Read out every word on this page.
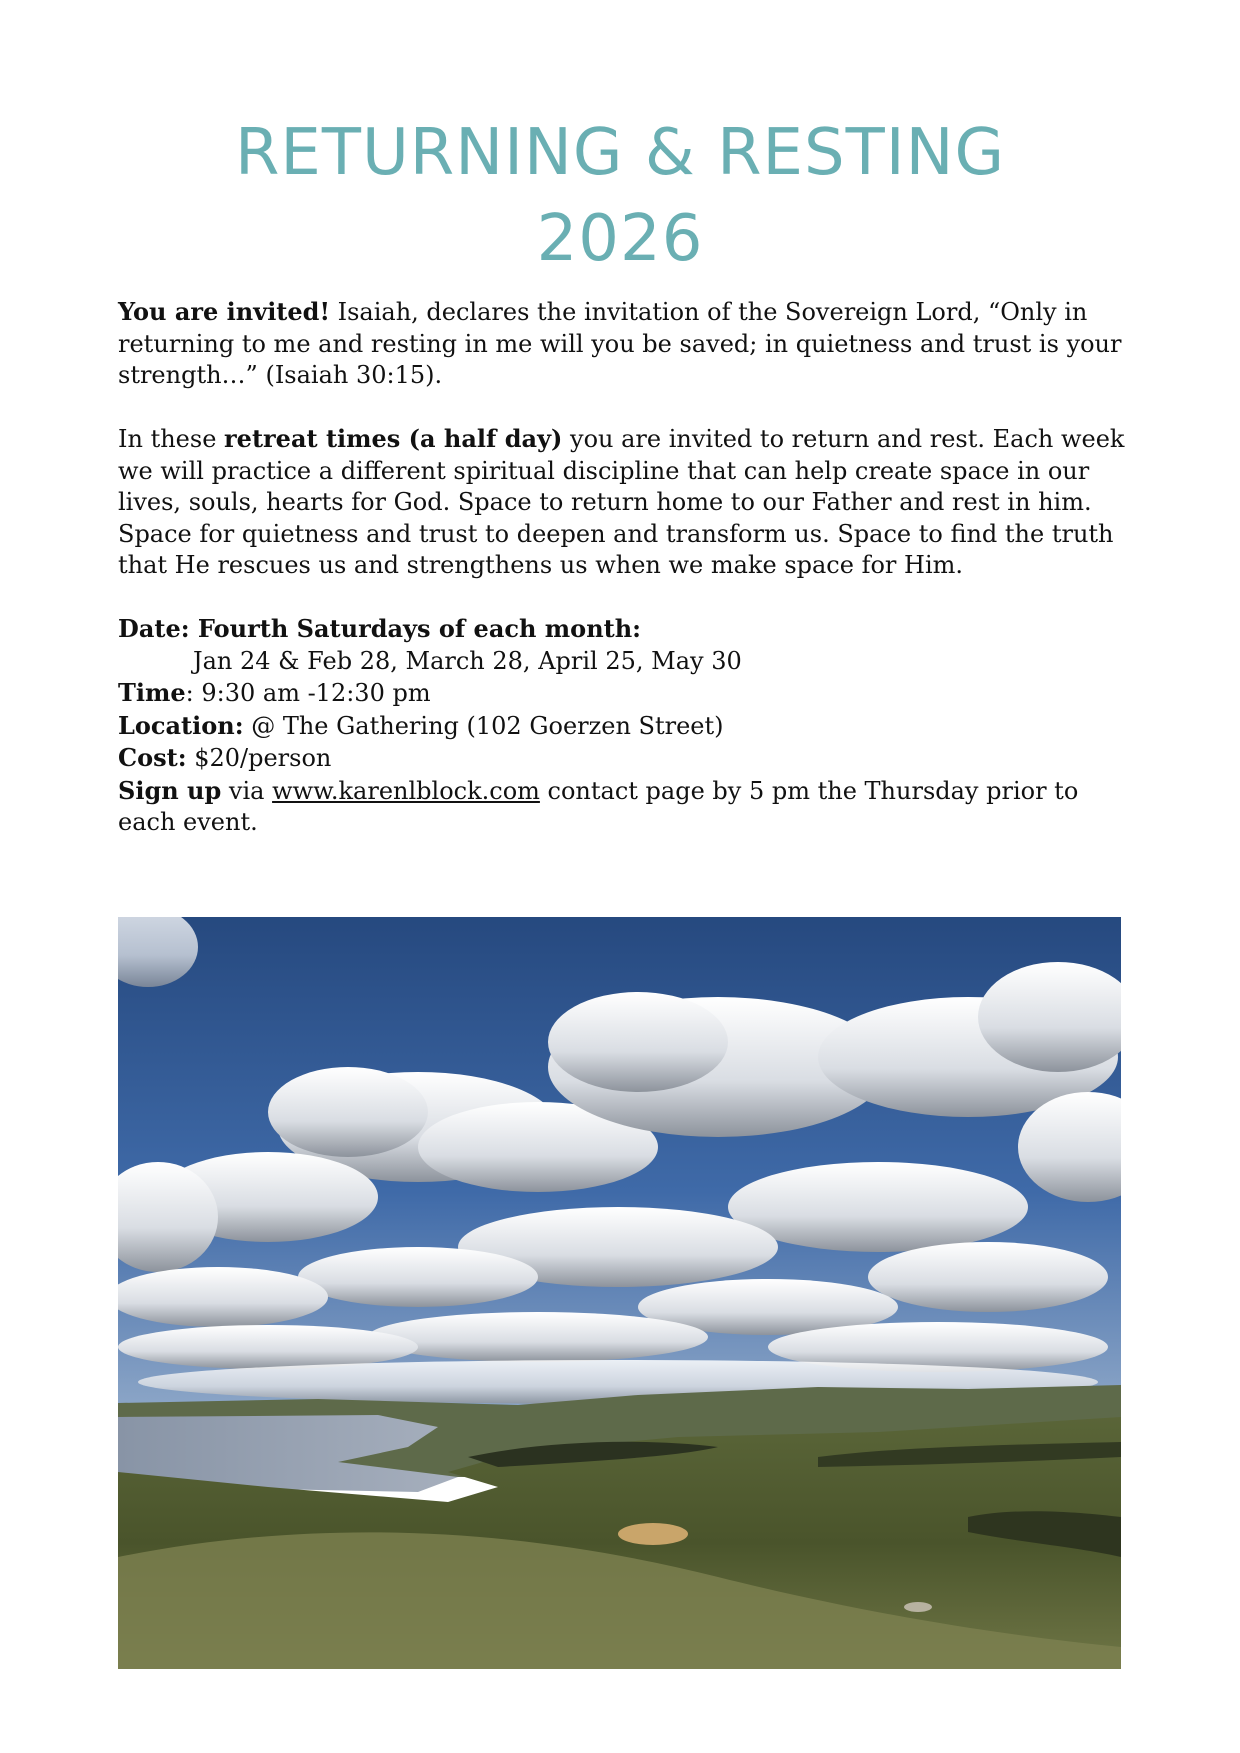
RETURNING & RESTING
2026

You are invited! Isaiah, declares the invitation of the Sovereign Lord, “Only in returning to me and resting in me will you be saved; in quietness and trust is your strength…” (Isaiah 30:15).

In these retreat times (a half day) you are invited to return and rest. Each week we will practice a different spiritual discipline that can help create space in our lives, souls, hearts for God. Space to return home to our Father and rest in him. Space for quietness and trust to deepen and transform us. Space to find the truth that He rescues us and strengthens us when we make space for Him.

Date: Fourth Saturdays of each month:

Jan 24 & Feb 28, March 28, April 25, May 30

Time: 9:30 am -12:30 pm

Location: @ The Gathering (102 Goerzen Street)

Cost: $20/person

Sign up via www.karenlblock.com contact page by 5 pm the Thursday prior to each event.
